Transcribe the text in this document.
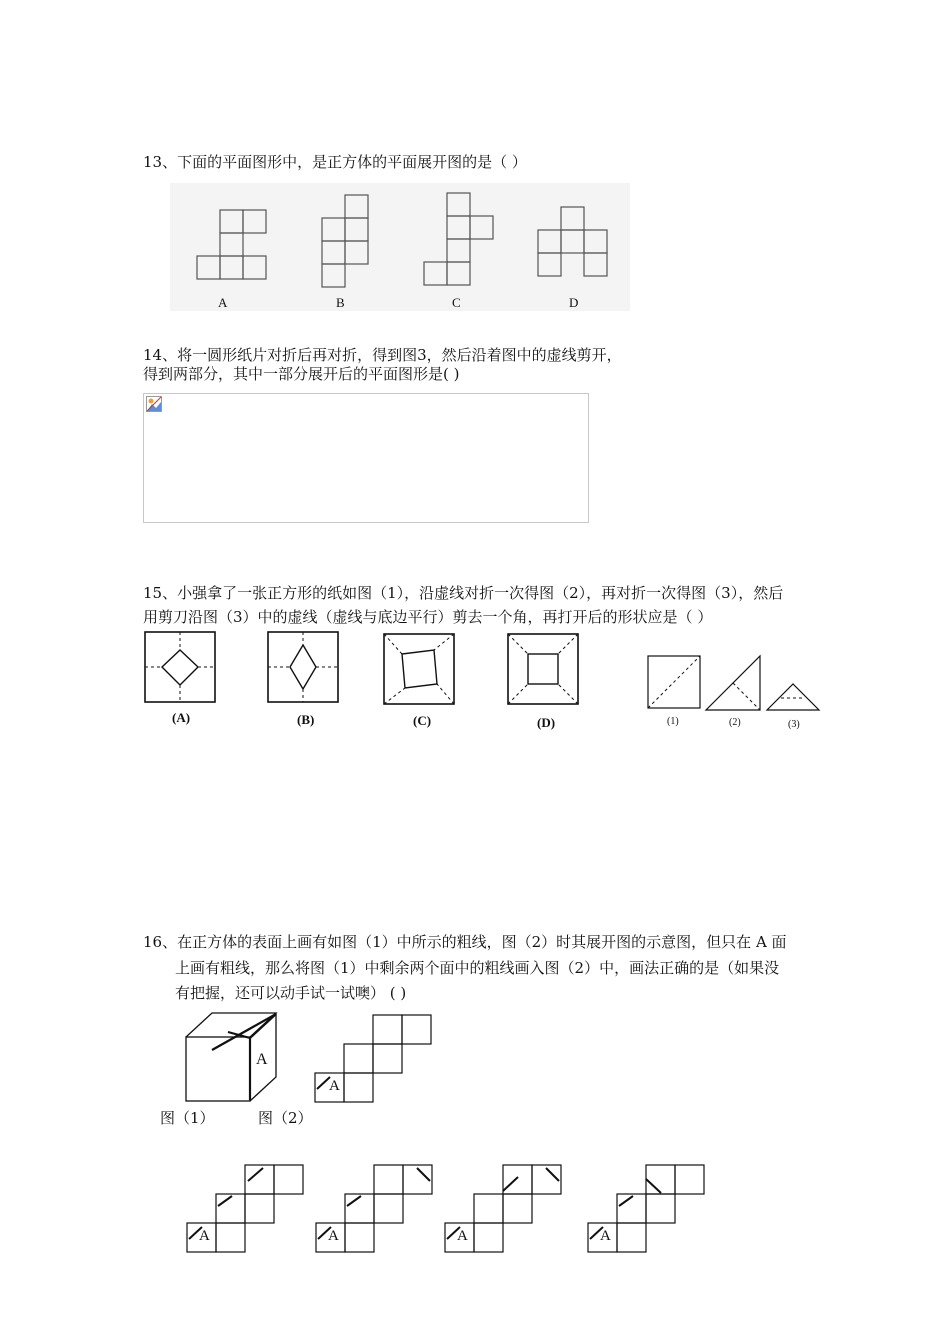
13、下面的平面图形中，是正方体的平面展开图的是（ ）
A	B	C	D
14、将一圆形纸片对折后再对折，得到图3，然后沿着图中的虚线剪开，
得到两部分，其中一部分展开后的平面图形是( )
15、小强拿了一张正方形的纸如图（1），沿虚线对折一次得图（2），再对折一次得图（3），然后
用剪刀沿图（3）中的虚线（虚线与底边平行）剪去一个角，再打开后的形状应是（ ）
(A)	(B)	(C)	(D)	(1)	(2)	(3)
16、在正方体的表面上画有如图（1）中所示的粗线，图（2）时其展开图的示意图，但只在 A 面
上画有粗线，那么将图（1）中剩余两个面中的粗线画入图（2）中，画法正确的是（如果没
有把握，还可以动手试一试噢） ( )
A
A
图（1）	图（2）
A	A	A	A
